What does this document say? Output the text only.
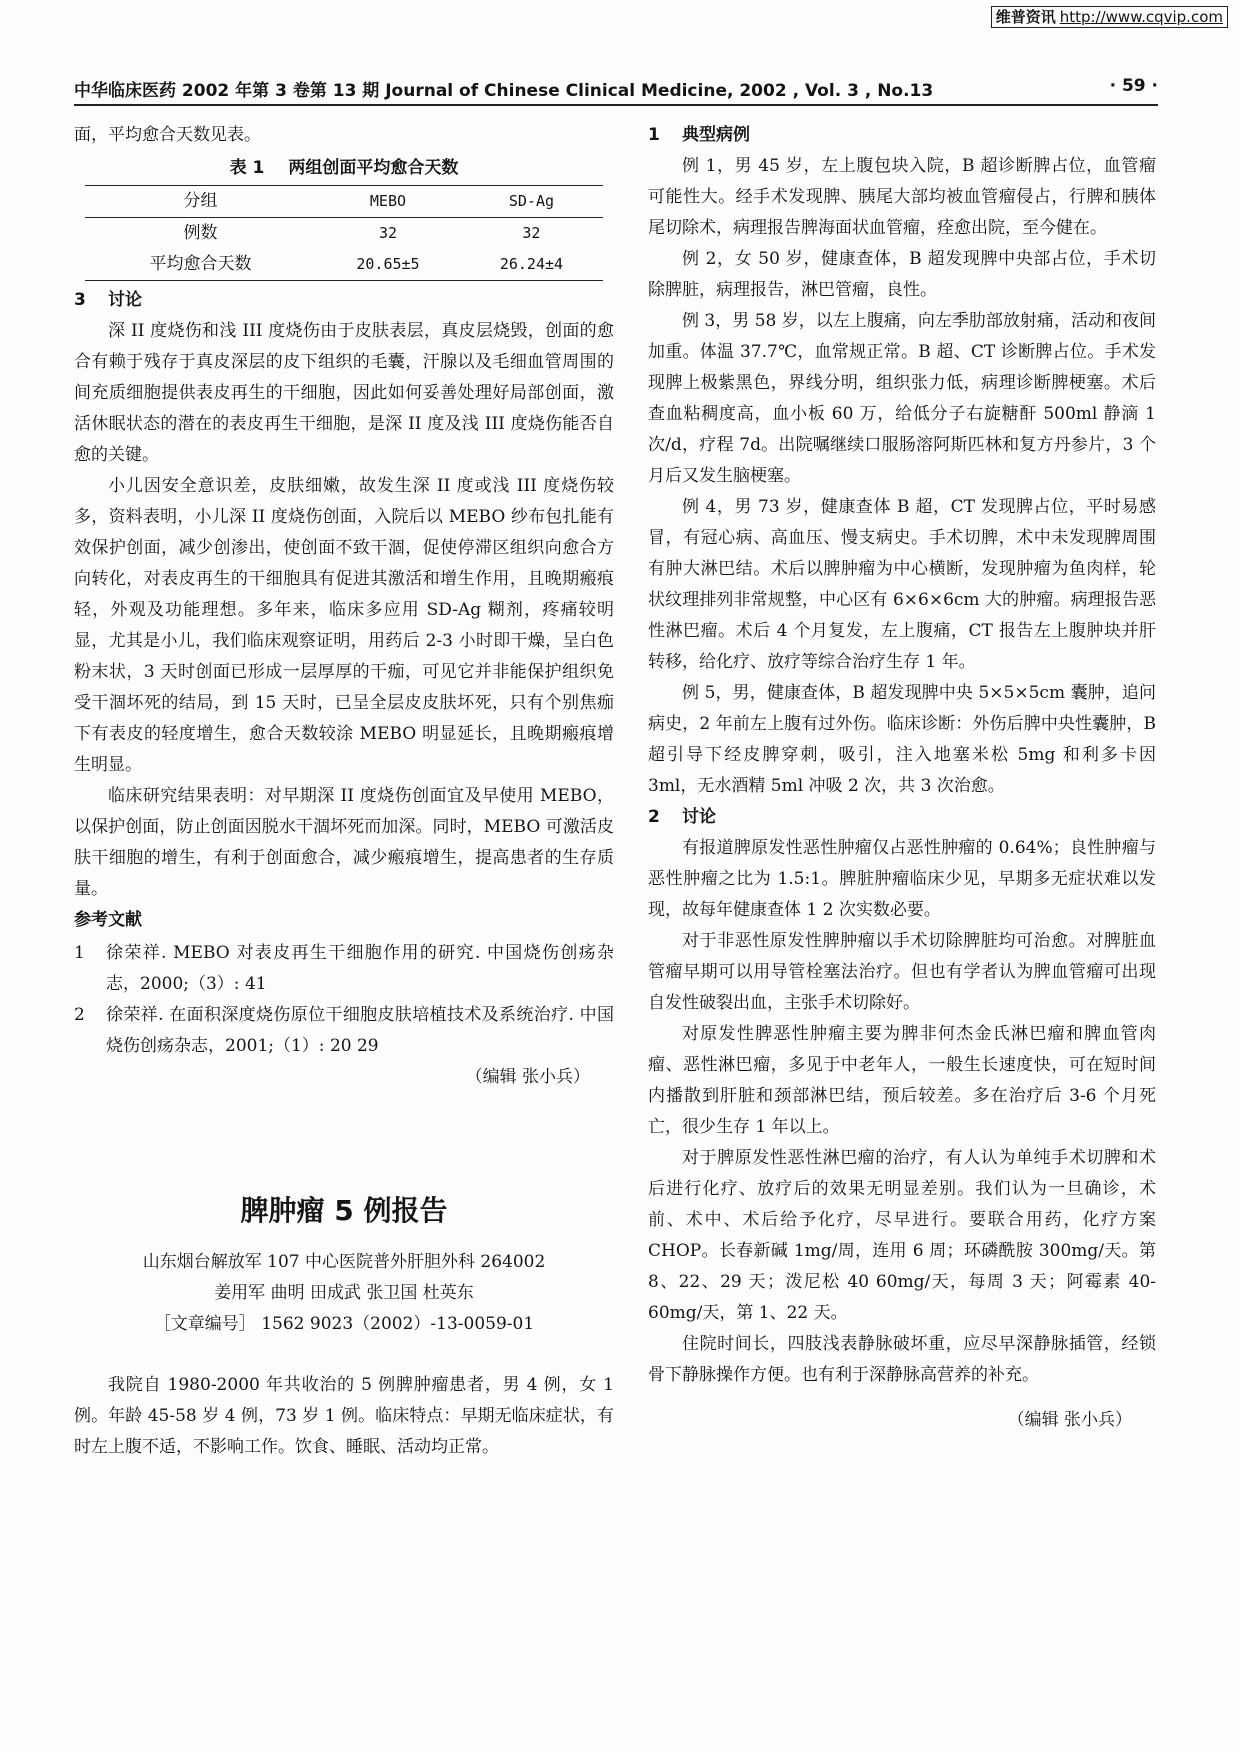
维普资讯 http://www.cqvip.com
中华临床医药 2002 年第 3 卷第 13 期 Journal of Chinese Clinical Medicine, 2002 , Vol. 3 , No.13	· 59 ·

面，平均愈合天数见表。

表 1 两组创面平均愈合天数
分组	MEBO	SD-Ag
例数	32	32
平均愈合天数	20.65±5	26.24±4
3 讨论

深 II 度烧伤和浅 III 度烧伤由于皮肤表层，真皮层烧毁，创面的愈合有赖于残存于真皮深层的皮下组织的毛囊，汗腺以及毛细血管周围的间充质细胞提供表皮再生的干细胞，因此如何妥善处理好局部创面，激活休眠状态的潜在的表皮再生干细胞，是深 II 度及浅 III 度烧伤能否自愈的关键。

小儿因安全意识差，皮肤细嫩，故发生深 II 度或浅 III 度烧伤较多，资料表明，小儿深 II 度烧伤创面，入院后以 MEBO 纱布包扎能有效保护创面，减少创渗出，使创面不致干涸，促使停滞区组织向愈合方向转化，对表皮再生的干细胞具有促进其激活和增生作用，且晚期瘢痕轻，外观及功能理想。多年来，临床多应用 SD-Ag 糊剂，疼痛较明显，尤其是小儿，我们临床观察证明，用药后 2-3 小时即干燥，呈白色粉末状，3 天时创面已形成一层厚厚的干痂，可见它并非能保护组织免受干涸坏死的结局，到 15 天时，已呈全层皮皮肤坏死，只有个别焦痂下有表皮的轻度增生，愈合天数较涂 MEBO 明显延长，且晚期瘢痕增生明显。

临床研究结果表明：对早期深 II 度烧伤创面宜及早使用 MEBO，以保护创面，防止创面因脱水干涸坏死而加深。同时，MEBO 可激活皮肤干细胞的增生，有利于创面愈合，减少瘢痕增生，提高患者的生存质量。

参考文献
1	徐荣祥. MEBO 对表皮再生干细胞作用的研究. 中国烧伤创疡杂志，2000;（3）: 41
2	徐荣祥. 在面积深度烧伤原位干细胞皮肤培植技术及系统治疗. 中国烧伤创疡杂志，2001;（1）: 20 29
（编辑 张小兵）
脾肿瘤 5 例报告
山东烟台解放军 107 中心医院普外肝胆外科 264002
姜用军 曲明 田成武 张卫国 杜英东
［文章编号］ 1562 9023（2002）-13-0059-01

我院自 1980-2000 年共收治的 5 例脾肿瘤患者，男 4 例，女 1 例。年龄 45-58 岁 4 例，73 岁 1 例。临床特点：早期无临床症状，有时左上腹不适，不影响工作。饮食、睡眠、活动均正常。

1 典型病例

例 1，男 45 岁，左上腹包块入院，B 超诊断脾占位，血管瘤可能性大。经手术发现脾、胰尾大部均被血管瘤侵占，行脾和胰体尾切除术，病理报告脾海面状血管瘤，痊愈出院，至今健在。

例 2，女 50 岁，健康查体，B 超发现脾中央部占位，手术切除脾脏，病理报告，淋巴管瘤，良性。

例 3，男 58 岁，以左上腹痛，向左季肋部放射痛，活动和夜间加重。体温 37.7℃，血常规正常。B 超、CT 诊断脾占位。手术发现脾上极紫黑色，界线分明，组织张力低，病理诊断脾梗塞。术后查血粘稠度高，血小板 60 万，给低分子右旋糖酐 500ml 静滴 1 次/d，疗程 7d。出院嘱继续口服肠溶阿斯匹林和复方丹参片，3 个月后又发生脑梗塞。

例 4，男 73 岁，健康查体 B 超，CT 发现脾占位，平时易感冒，有冠心病、高血压、慢支病史。手术切脾，术中未发现脾周围有肿大淋巴结。术后以脾肿瘤为中心横断，发现肿瘤为鱼肉样，轮状纹理排列非常规整，中心区有 6×6×6cm 大的肿瘤。病理报告恶性淋巴瘤。术后 4 个月复发，左上腹痛，CT 报告左上腹肿块并肝转移，给化疗、放疗等综合治疗生存 1 年。

例 5，男，健康查体，B 超发现脾中央 5×5×5cm 囊肿，追问病史，2 年前左上腹有过外伤。临床诊断：外伤后脾中央性囊肿，B 超引导下经皮脾穿刺，吸引，注入地塞米松 5mg 和利多卡因 3ml，无水酒精 5ml 冲吸 2 次，共 3 次治愈。

2 讨论

有报道脾原发性恶性肿瘤仅占恶性肿瘤的 0.64%；良性肿瘤与恶性肿瘤之比为 1.5:1。脾脏肿瘤临床少见，早期多无症状难以发现，故每年健康查体 1 2 次实数必要。

对于非恶性原发性脾肿瘤以手术切除脾脏均可治愈。对脾脏血管瘤早期可以用导管栓塞法治疗。但也有学者认为脾血管瘤可出现自发性破裂出血，主张手术切除好。

对原发性脾恶性肿瘤主要为脾非何杰金氏淋巴瘤和脾血管肉瘤、恶性淋巴瘤，多见于中老年人，一般生长速度快，可在短时间内播散到肝脏和颈部淋巴结，预后较差。多在治疗后 3-6 个月死亡，很少生存 1 年以上。

对于脾原发性恶性淋巴瘤的治疗，有人认为单纯手术切脾和术后进行化疗、放疗后的效果无明显差别。我们认为一旦确诊，术前、术中、术后给予化疗，尽早进行。要联合用药，化疗方案 CHOP。长春新碱 1mg/周，连用 6 周；环磷酰胺 300mg/天。第 8、22、29 天；泼尼松 40 60mg/天，每周 3 天；阿霉素 40-60mg/天，第 1、22 天。

住院时间长，四肢浅表静脉破坏重，应尽早深静脉插管，经锁骨下静脉操作方便。也有利于深静脉高营养的补充。

（编辑 张小兵）
